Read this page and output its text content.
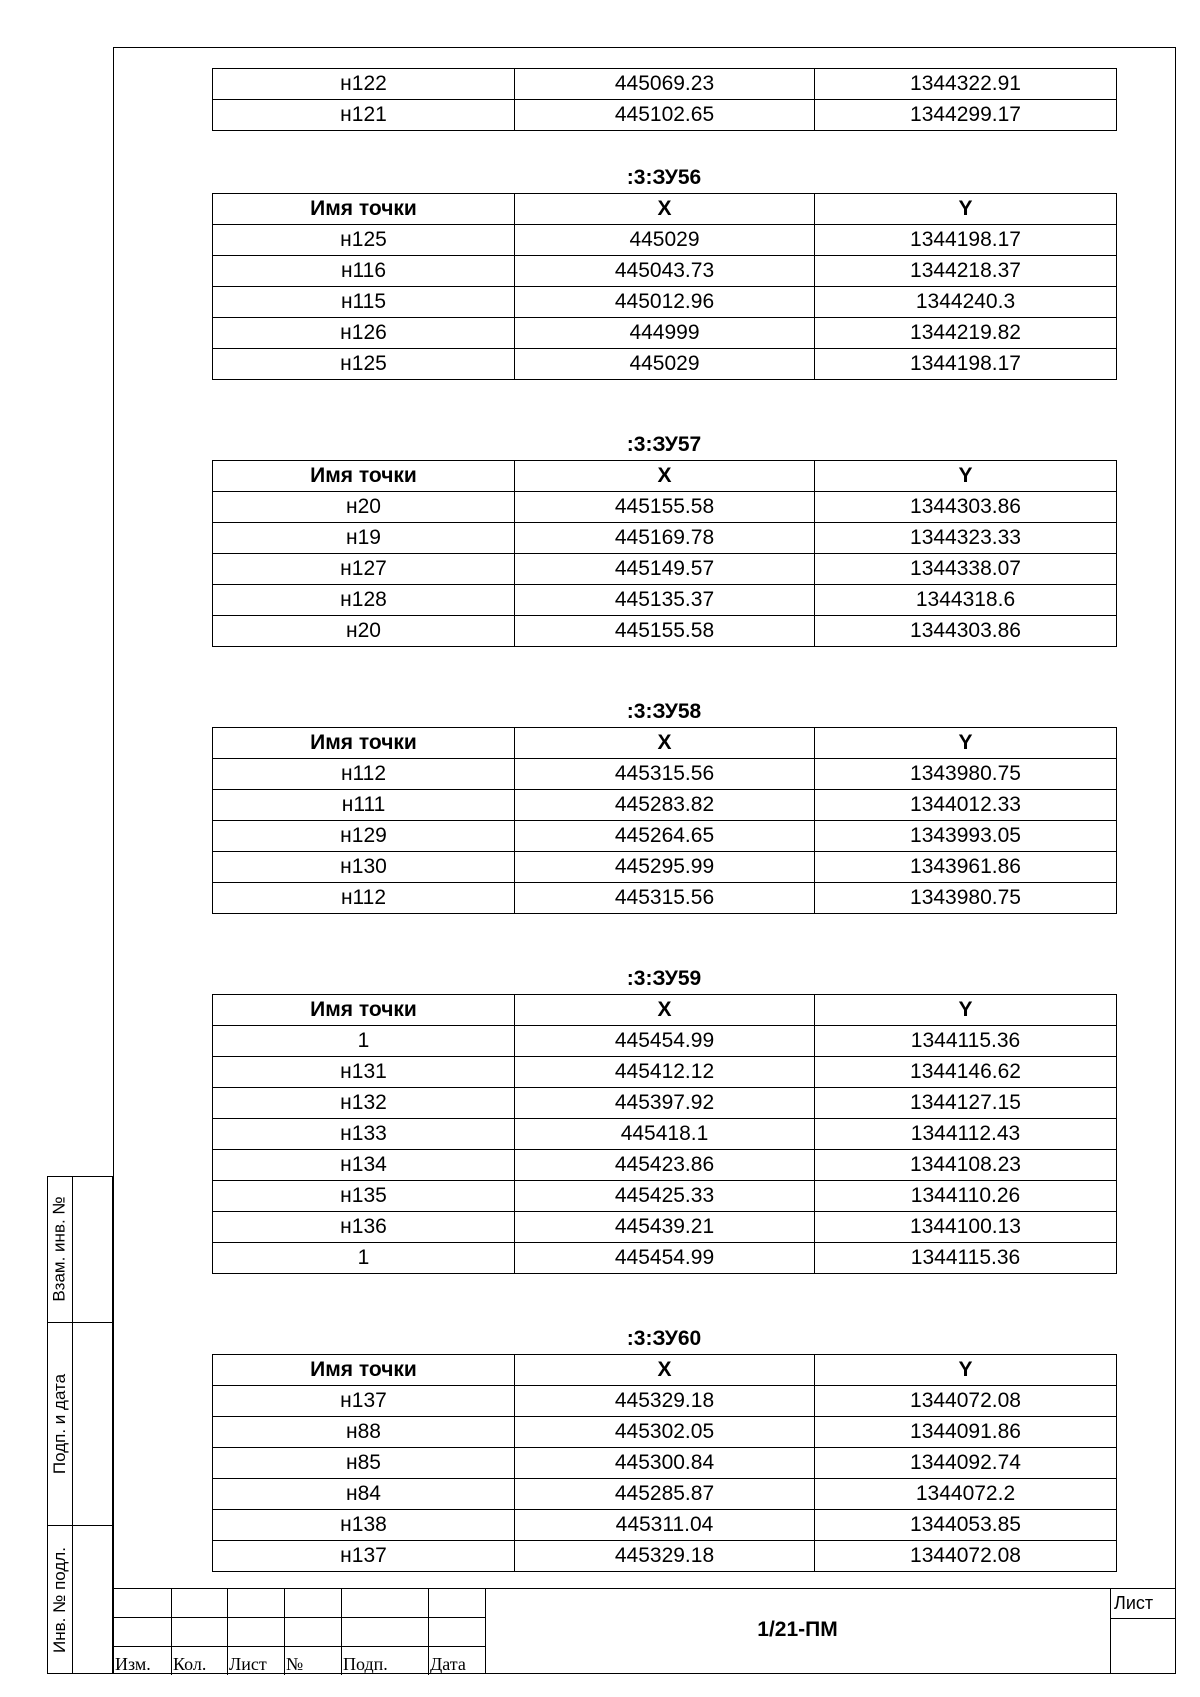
Взам. инв. №
Подп. и дата
Инв. № подл.
н122	445069.23	1344322.91
н121	445102.65	1344299.17
:3:ЗУ56
Имя точки	X	Y
н125	445029	1344198.17
н116	445043.73	1344218.37
н115	445012.96	1344240.3
н126	444999	1344219.82
н125	445029	1344198.17
:3:ЗУ57
Имя точки	X	Y
н20	445155.58	1344303.86
н19	445169.78	1344323.33
н127	445149.57	1344338.07
н128	445135.37	1344318.6
н20	445155.58	1344303.86
:3:ЗУ58
Имя точки	X	Y
н112	445315.56	1343980.75
н111	445283.82	1344012.33
н129	445264.65	1343993.05
н130	445295.99	1343961.86
н112	445315.56	1343980.75
:3:ЗУ59
Имя точки	X	Y
1	445454.99	1344115.36
н131	445412.12	1344146.62
н132	445397.92	1344127.15
н133	445418.1	1344112.43
н134	445423.86	1344108.23
н135	445425.33	1344110.26
н136	445439.21	1344100.13
1	445454.99	1344115.36
:3:ЗУ60
Имя точки	X	Y
н137	445329.18	1344072.08
н88	445302.05	1344091.86
н85	445300.84	1344092.74
н84	445285.87	1344072.2
н138	445311.04	1344053.85
н137	445329.18	1344072.08
Изм. Кол. Лист № Подп. Дата
1/21-ПМ
Лист
